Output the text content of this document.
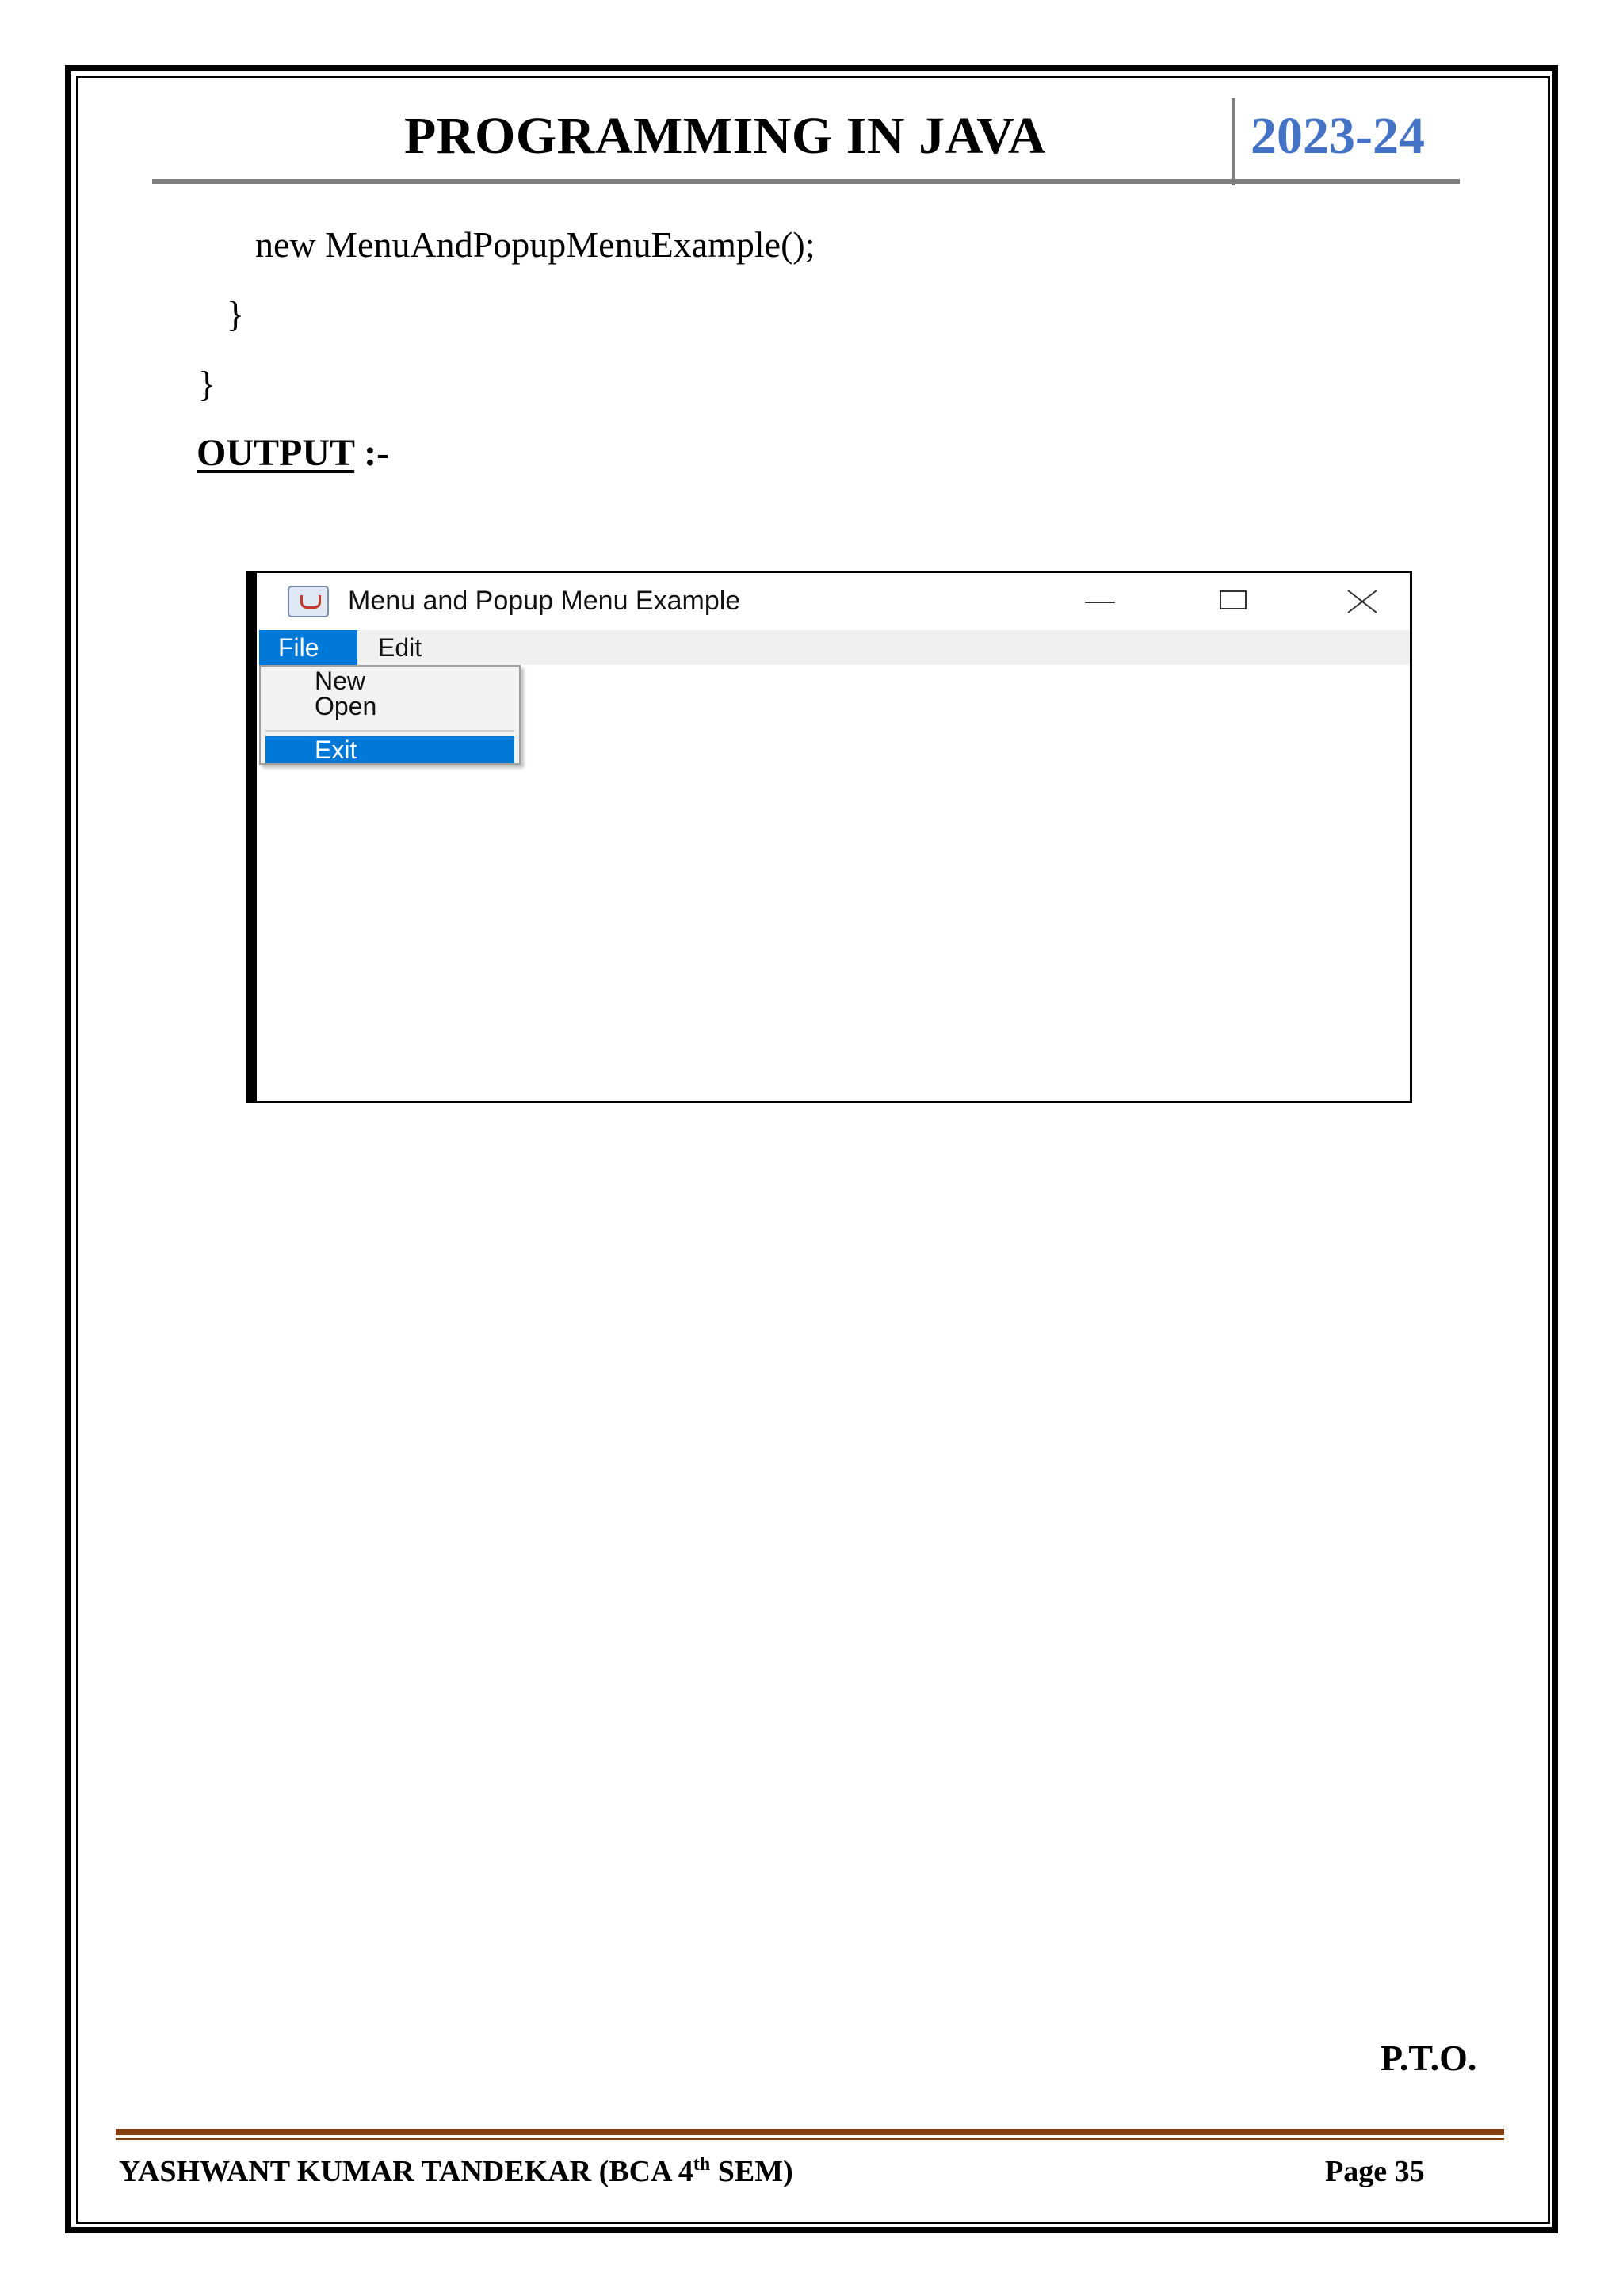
PROGRAMMING IN JAVA	2023-24
new MenuAndPopupMenuExample();
}
}
OUTPUT :-
Menu and Popup Menu Example
File	Edit
New
Open
Exit
P.T.O.
YASHWANT KUMAR TANDEKAR (BCA 4th SEM)	Page 35
